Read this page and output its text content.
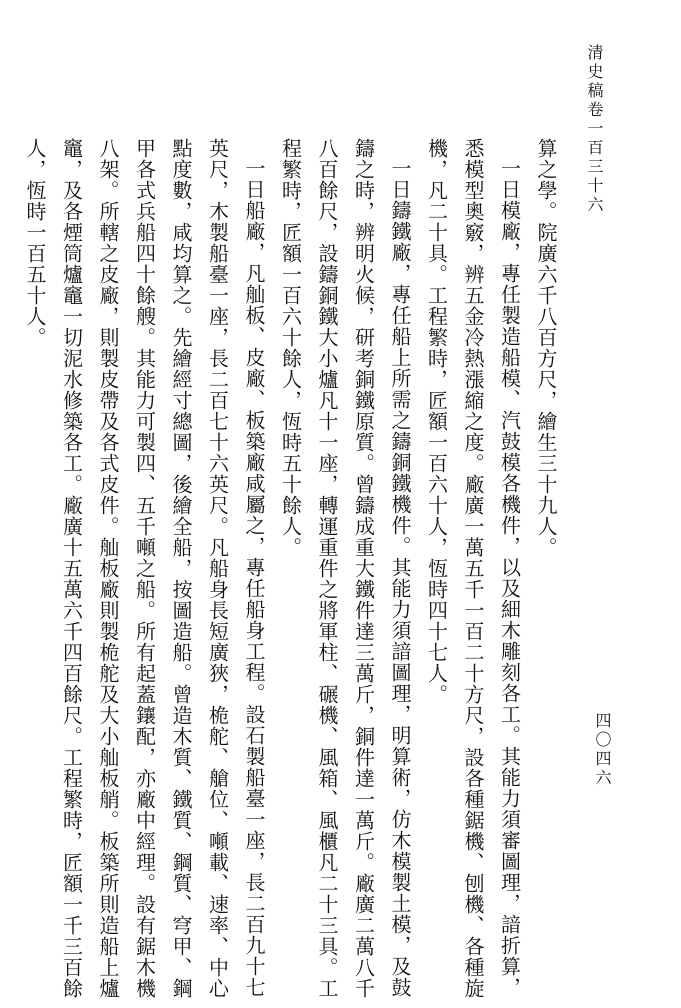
清史稿卷一百三十六
四〇四六

算之學。院廣六千八百方尺，繪生三十九人。

一日模廠，專任製造船模、汽鼓模各機件，以及細木雕刻各工。其能力須審圖理，諳折算，悉模型奧竅，辨五金冷熱漲縮之度。廠廣一萬五千一百二十方尺，設各種鋸機、刨機、各種旋機，凡二十具。工程繁時，匠額一百六十人，恆時四十七人。

一日鑄鐵廠，專任船上所需之鑄銅鐵機件。其能力須諳圖理，明算術，仿木模製土模，及鼓鑄之時，辨明火候，研考銅鐵原質。曾鑄成重大鐵件達三萬斤，銅件達一萬斤。廠廣二萬八千八百餘尺，設鑄銅鐵大小爐凡十一座，轉運重件之將軍柱、碾機、風箱、風櫃凡二十三具。工程繁時，匠額一百六十餘人，恆時五十餘人。

一日船廠，凡舢板、皮廠、板築廠咸屬之，專任船身工程。設石製船臺一座，長二百九十七英尺，木製船臺一座，長二百七十六英尺。凡船身長短廣狹，桅舵、艙位、噸載、速率、中心點度數，咸均算之。先繪經寸總圖，後繪全船，按圖造船。曾造木質、鐵質、鋼質、穹甲、鋼甲各式兵船四十餘艘。其能力可製四、五千噸之船。所有起蓋鑲配，亦廠中經理。設有鋸木機八架。所轄之皮廠，則製皮帶及各式皮件。舢板廠則製桅舵及大小舢板艄。板築所則造船上爐竈，及各煙筒爐竈一切泥水修築各工。廠廣十五萬六千四百餘尺。工程繁時，匠額一千三百餘人，恆時一百五十人。
